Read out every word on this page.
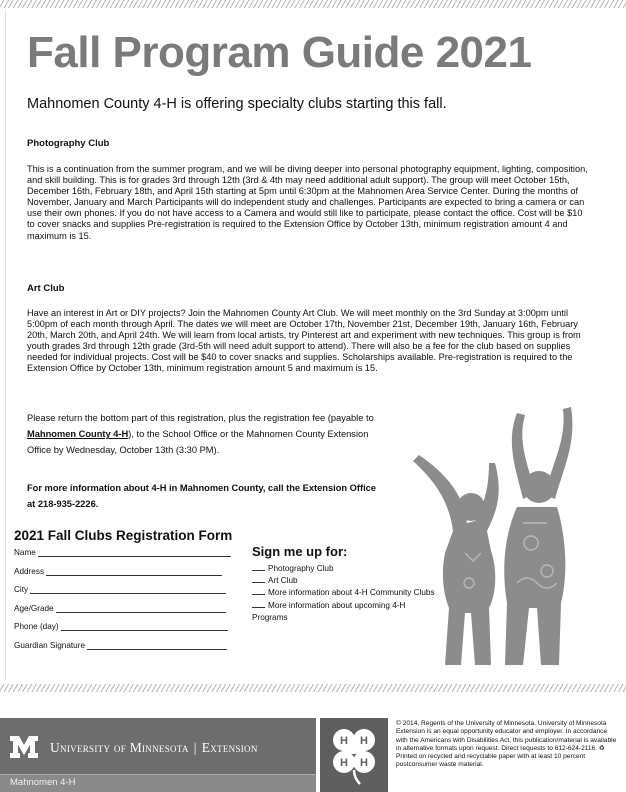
Fall Program Guide 2021
Mahnomen County 4-H is offering specialty clubs starting this fall.
Photography Club

This is a continuation from the summer program, and we will be diving deeper into personal photography equipment, lighting, composition, and skill building. This is for grades 3rd through 12th (3rd & 4th may need additional adult support). The group will meet October 15th, December 16th, February 18th, and April 15th starting at 5pm until 6:30pm at the Mahnomen Area Service Center. During the months of November, January and March Participants will do independent study and challenges. Participants are expected to bring a camera or can use their own phones. If you do not have access to a Camera and would still like to participate, please contact the office. Cost will be $10 to cover snacks and supplies Pre-registration is required to the Extension Office by October 13th, minimum registration amount 4 and maximum is 15.

Art Club

Have an interest in Art or DIY projects? Join the Mahnomen County Art Club. We will meet monthly on the 3rd Sunday at 3:00pm until 5:00pm of each month through April. The dates we will meet are October 17th, November 21st, December 19th, January 16th, February 20th, March 20th, and April 24th. We will learn from local artists, try Pinterest art and experiment with new techniques. This group is from youth grades 3rd through 12th grade (3rd-5th will need adult support to attend). There will also be a fee for the club based on supplies needed for individual projects. Cost will be $40 to cover snacks and supplies. Scholarships available. Pre-registration is required to the Extension Office by October 13th, minimum registration amount 5 and maximum is 15.

Please return the bottom part of this registration, plus the registration fee (payable to Mahnomen County 4-H), to the School Office or the Mahnomen County Extension Office by Wednesday, October 13th (3:30 PM).

For more information about 4-H in Mahnomen County, call the Extension Office at 218-935-2226.

2021 Fall Clubs Registration Form
Name
Address
City
Age/Grade
Phone (day)
Guardian Signature
Sign me up for:
Photography Club
Art Club
More information about 4-H Community Clubs
More information about upcoming 4-H Programs
University of Minnesota | Extension
Mahnomen 4-H
H H
H H

© 2014, Regents of the University of Minnesota. University of Minnesota Extension is an equal opportunity educator and employer. In accordance with the Americans with Disabilities Act, this publication/material is available in alternative formats upon request. Direct requests to 612-624-2116. ♻ Printed on recycled and recyclable paper with at least 10 percent postconsumer waste material.
